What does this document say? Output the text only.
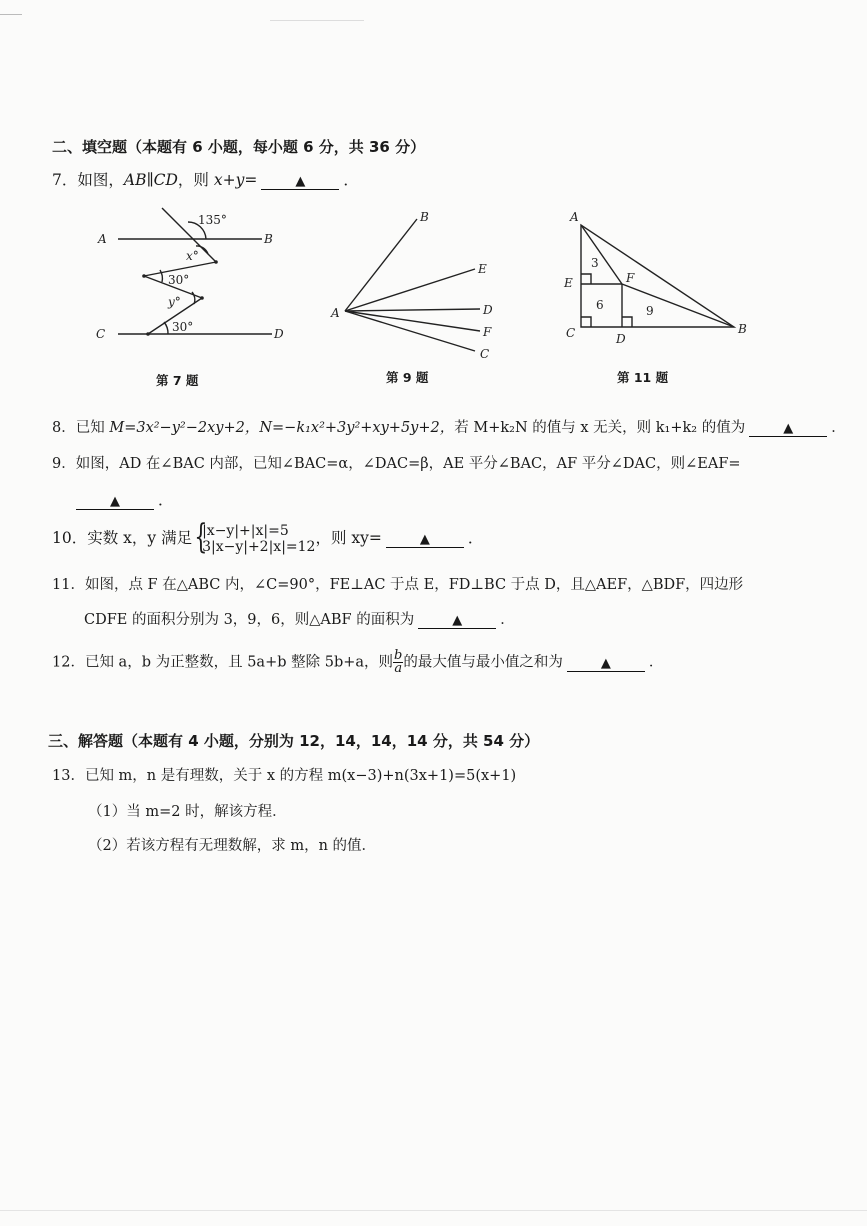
二、填空题（本题有 6 小题，每小题 6 分，共 36 分）
7．如图，AB∥CD，则 x+y=	▲ ．
135°
x°
30°
y°
30°
A	B
C	D
第 7 题
A
B
E
D
F
C
第 9 题
A
E	F
C	D
B
3
6	9
第 11 题
8．已知 M=3x²−y²−2xy+2，N=−k₁x²+3y²+xy+5y+2，若 M+k₂N 的值与 x 无关，则 k₁+k₂ 的值为	▲	．
9．如图，AD 在∠BAC 内部，已知∠BAC=α，∠DAC=β，AE 平分∠BAC，AF 平分∠DAC，则∠EAF=
▲ ．
10．实数 x，y 满足 {
|x−y|+|x|=5
3|x−y|+2|x|=12 ，则 xy=	▲ ．
11．如图，点 F 在△ABC 内，∠C=90°，FE⊥AC 于点 E，FD⊥BC 于点 D，且△AEF，△BDF，四边形
CDFE 的面积分别为 3，9，6，则△ABF 的面积为	▲	．
12．已知 a，b 为正整数，且 5a+b 整除 5b+a，则 $\frac{b}{a}$ 的最大值与最小值之和为	▲	．
三、解答题（本题有 4 小题，分别为 12，14，14，14 分，共 54 分）
13．已知 m，n 是有理数，关于 x 的方程 m(x−3)+n(3x+1)=5(x+1)
（1）当 m=2 时，解该方程．
（2）若该方程有无理数解，求 m，n 的值．
